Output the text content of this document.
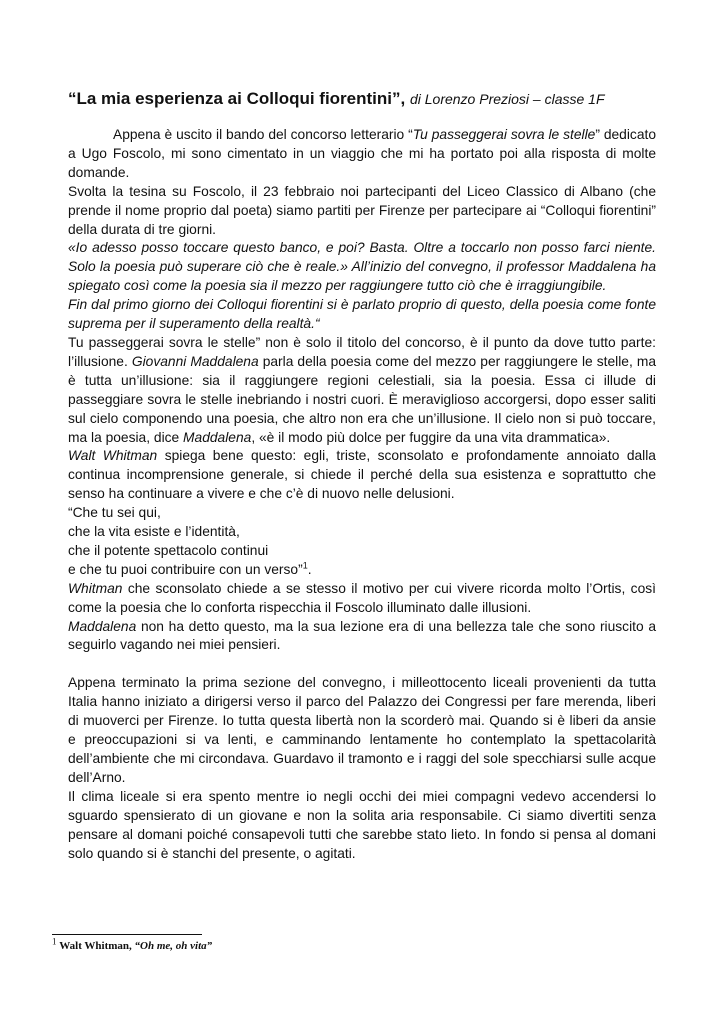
“La mia esperienza ai Colloqui fiorentini”, di Lorenzo Preziosi – classe 1F

Appena è uscito il bando del concorso letterario “Tu passeggerai sovra le stelle” dedicato a Ugo Foscolo, mi sono cimentato in un viaggio che mi ha portato poi alla risposta di molte domande.

Svolta la tesina su Foscolo, il 23 febbraio noi partecipanti del Liceo Classico di Albano (che prende il nome proprio dal poeta) siamo partiti per Firenze per partecipare ai “Colloqui fiorentini” della durata di tre giorni.

«Io adesso posso toccare questo banco, e poi? Basta. Oltre a toccarlo non posso farci niente. Solo la poesia può superare ciò che è reale.» All’inizio del convegno, il professor Maddalena ha spiegato così come la poesia sia il mezzo per raggiungere tutto ciò che è irraggiungibile.

Fin dal primo giorno dei Colloqui fiorentini si è parlato proprio di questo, della poesia come fonte suprema per il superamento della realtà.“

Tu passeggerai sovra le stelle” non è solo il titolo del concorso, è il punto da dove tutto parte: l’illusione. Giovanni Maddalena parla della poesia come del mezzo per raggiungere le stelle, ma è tutta un’illusione: sia il raggiungere regioni celestiali, sia la poesia. Essa ci illude di passeggiare sovra le stelle inebriando i nostri cuori. È meraviglioso accorgersi, dopo esser saliti sul cielo componendo una poesia, che altro non era che un’illusione. Il cielo non si può toccare, ma la poesia, dice Maddalena, «è il modo più dolce per fuggire da una vita drammatica».

Walt Whitman spiega bene questo: egli, triste, sconsolato e profondamente annoiato dalla continua incomprensione generale, si chiede il perché della sua esistenza e soprattutto che senso ha continuare a vivere e che c’è di nuovo nelle delusioni.

“Che tu sei qui,

che la vita esiste e l’identità,

che il potente spettacolo continui

e che tu puoi contribuire con un verso”$^1$.

Whitman che sconsolato chiede a se stesso il motivo per cui vivere ricorda molto l’Ortis, così come la poesia che lo conforta rispecchia il Foscolo illuminato dalle illusioni.

Maddalena non ha detto questo, ma la sua lezione era di una bellezza tale che sono riuscito a seguirlo vagando nei miei pensieri.

Appena terminato la prima sezione del convegno, i milleottocento liceali provenienti da tutta Italia hanno iniziato a dirigersi verso il parco del Palazzo dei Congressi per fare merenda, liberi di muoverci per Firenze. Io tutta questa libertà non la scorderò mai. Quando si è liberi da ansie e preoccupazioni si va lenti, e camminando lentamente ho contemplato la spettacolarità dell’ambiente che mi circondava. Guardavo il tramonto e i raggi del sole specchiarsi sulle acque dell’Arno.

Il clima liceale si era spento mentre io negli occhi dei miei compagni vedevo accendersi lo sguardo spensierato di un giovane e non la solita aria responsabile. Ci siamo divertiti senza pensare al domani poiché consapevoli tutti che sarebbe stato lieto. In fondo si pensa al domani solo quando si è stanchi del presente, o agitati.

$^1$ Walt Whitman, “Oh me, oh vita”
